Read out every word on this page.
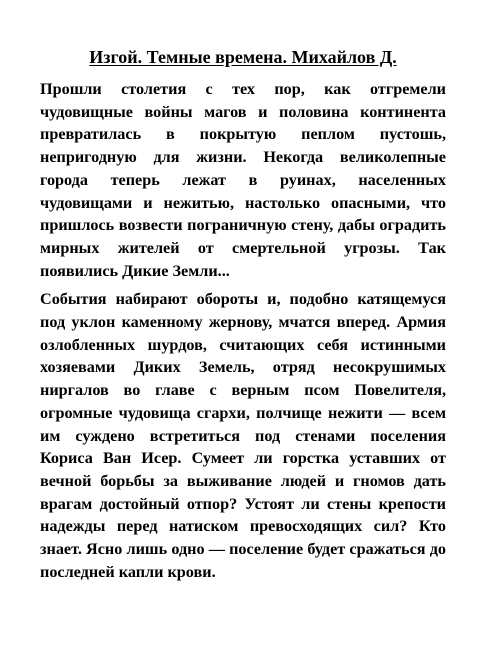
Изгой. Темные времена. Михайлов Д.

Прошли столетия с тех пор, как отгремели чудовищные войны магов и половина континента превратилась в покрытую пеплом пустошь, непригодную для жизни. Некогда великолепные города теперь лежат в руинах, населенных чудовищами и нежитью, настолько опасными, что пришлось возвести пограничную стену, дабы оградить мирных жителей от смертельной угрозы. Так появились Дикие Земли...

События набирают обороты и, подобно катящемуся под уклон каменному жернову, мчатся вперед. Армия озлобленных шурдов, считающих себя истинными хозяевами Диких Земель, отряд несокрушимых ниргалов во главе с верным псом Повелителя, огромные чудовища сгархи, полчище нежити — всем им суждено встретиться под стенами поселения Кориса Ван Исер. Сумеет ли горстка уставших от вечной борьбы за выживание людей и гномов дать врагам достойный отпор? Устоят ли стены крепости надежды перед натиском превосходящих сил? Кто знает. Ясно лишь одно — поселение будет сражаться до последней капли крови.
